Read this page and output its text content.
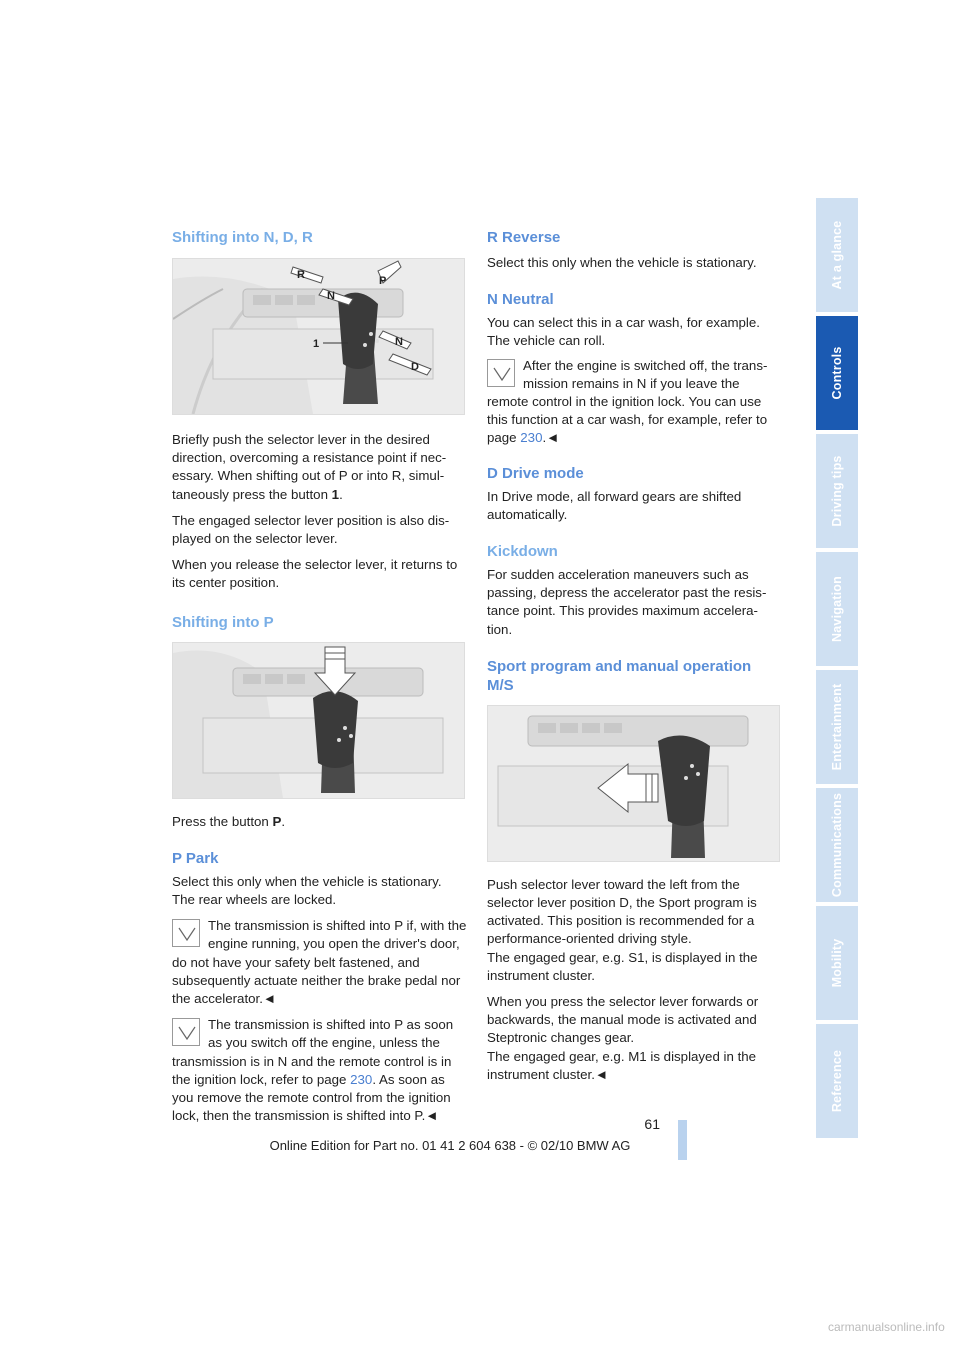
At a glance
Controls
Driving tips
Navigation
Entertainment
Communications
Mobility
Reference
Shifting into N, D, R
R
N
P
N
D
1

Briefly push the selector lever in the desired direction, overcoming a resistance point if nec-essary. When shifting out of P or into R, simul-taneously press the button 1.

The engaged selector lever position is also dis-played on the selector lever.

When you release the selector lever, it returns to its center position.

Shifting into P

Press the button P.

P Park

Select this only when the vehicle is stationary. The rear wheels are locked.

The transmission is shifted into P if, with the engine running, you open the driver's door, do not have your safety belt fastened, and subsequently actuate neither the brake pedal nor the accelerator.◄

The transmission is shifted into P as soon as you switch off the engine, unless the transmission is in N and the remote control is in the ignition lock, refer to page 230. As soon as you remove the remote control from the ignition lock, then the transmission is shifted into P.◄

R Reverse

Select this only when the vehicle is stationary.

N Neutral

You can select this in a car wash, for example. The vehicle can roll.

After the engine is switched off, the trans-mission remains in N if you leave the remote control in the ignition lock. You can use this function at a car wash, for example, refer to page 230.◄

D Drive mode

In Drive mode, all forward gears are shifted automatically.

Kickdown

For sudden acceleration maneuvers such as passing, depress the accelerator past the resis-tance point. This provides maximum accelera-tion.

Sport program and manual operation M/S

Push selector lever toward the left from the selector lever position D, the Sport program is activated. This position is recommended for a performance-oriented driving style.

The engaged gear, e.g. S1, is displayed in the instrument cluster.

When you press the selector lever forwards or backwards, the manual mode is activated and Steptronic changes gear.

The engaged gear, e.g. M1 is displayed in the instrument cluster.◄

61
Online Edition for Part no. 01 41 2 604 638 - © 02/10 BMW AG
carmanualsonline.info
